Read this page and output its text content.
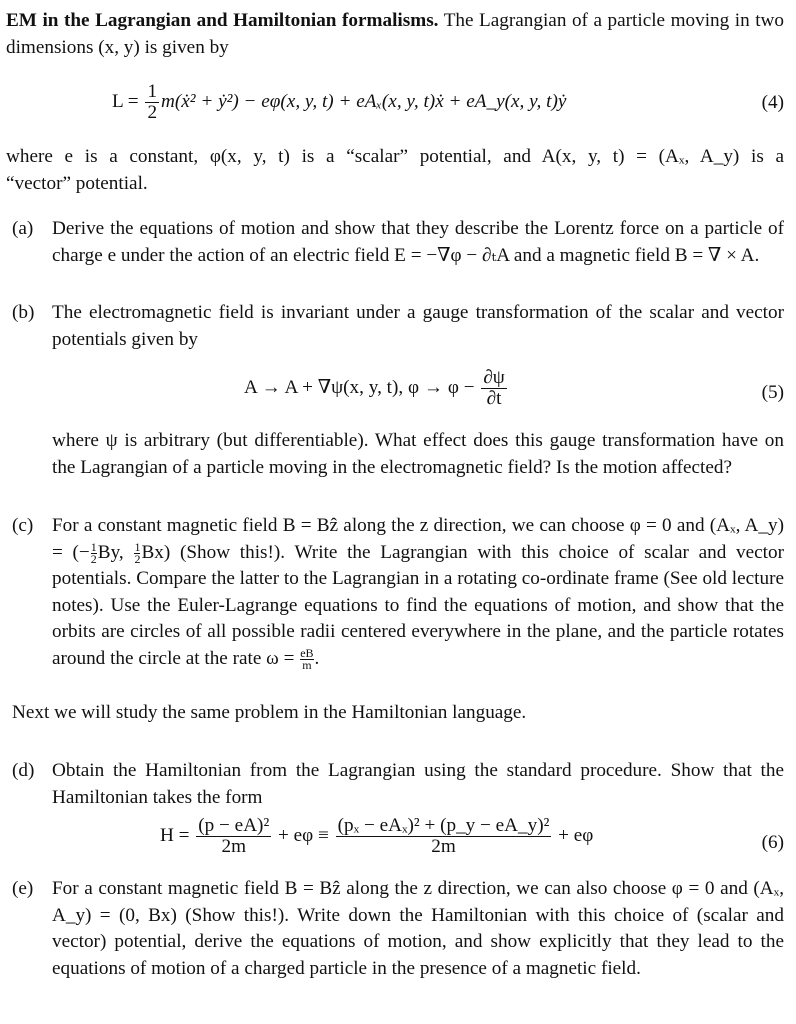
EM in the Lagrangian and Hamiltonian formalisms. The Lagrangian of a particle moving in two dimensions (x, y) is given by
$L = \frac{1}{2}$ m(ẋ² + ẏ²) − eφ(x, y, t) + eAₓ(x, y, t)ẋ + eA_y(x, y, t)ẏ	(4)
where e is a constant, φ(x, y, t) is a “scalar” potential, and A(x, y, t) = (Aₓ, A_y) is a
“vector” potential.
(a) Derive the equations of motion and show that they describe the Lorentz force on a particle of charge e under the action of an electric field E = −∇φ − ∂ₜA and a magnetic field B = ∇ × A.
(b) The electromagnetic field is invariant under a gauge transformation of the scalar and vector potentials given by
A → A + ∇ψ(x, y, t), $\varphi \to \varphi - \frac{\partial\psi}{\partial t}$	(5)
where ψ is arbitrary (but differentiable). What effect does this gauge transformation have on the Lagrangian of a particle moving in the electromagnetic field? Is the motion affected?
(c) For a constant magnetic field B = Bẑ along the z direction, we can choose φ = 0 and (Aₓ, A_y) = (− $\frac{1}{2} By$, $\frac{1}{2} Bx$) (Show this!). Write the Lagrangian with this choice of scalar and vector potentials. Compare the latter to the Lagrangian in a rotating co-ordinate frame (See old lecture notes). Use the Euler-Lagrange equations to find the equations of motion, and show that the orbits are circles of all possible radii centered everywhere in the plane, and the particle rotates around the circle at the rate $\omega = \frac{eB}{m}$ .
Next we will study the same problem in the Hamiltonian language.
(d) Obtain the Hamiltonian from the Lagrangian using the standard procedure. Show that the Hamiltonian takes the form
$H = \frac{\text{(p − eA)²}}{2m} + e\varphi \equiv \frac{\text{(pₓ − eAₓ)² + (p\_y − eA\_y)²}}{2m} + e\varphi$	(6)
(e) For a constant magnetic field B = Bẑ along the z direction, we can also choose φ = 0 and (Aₓ, A_y) = (0, Bx) (Show this!). Write down the Hamiltonian with this choice of (scalar and vector) potential, derive the equations of motion, and show explicitly that they lead to the equations of motion of a charged particle in the presence of a magnetic field.
